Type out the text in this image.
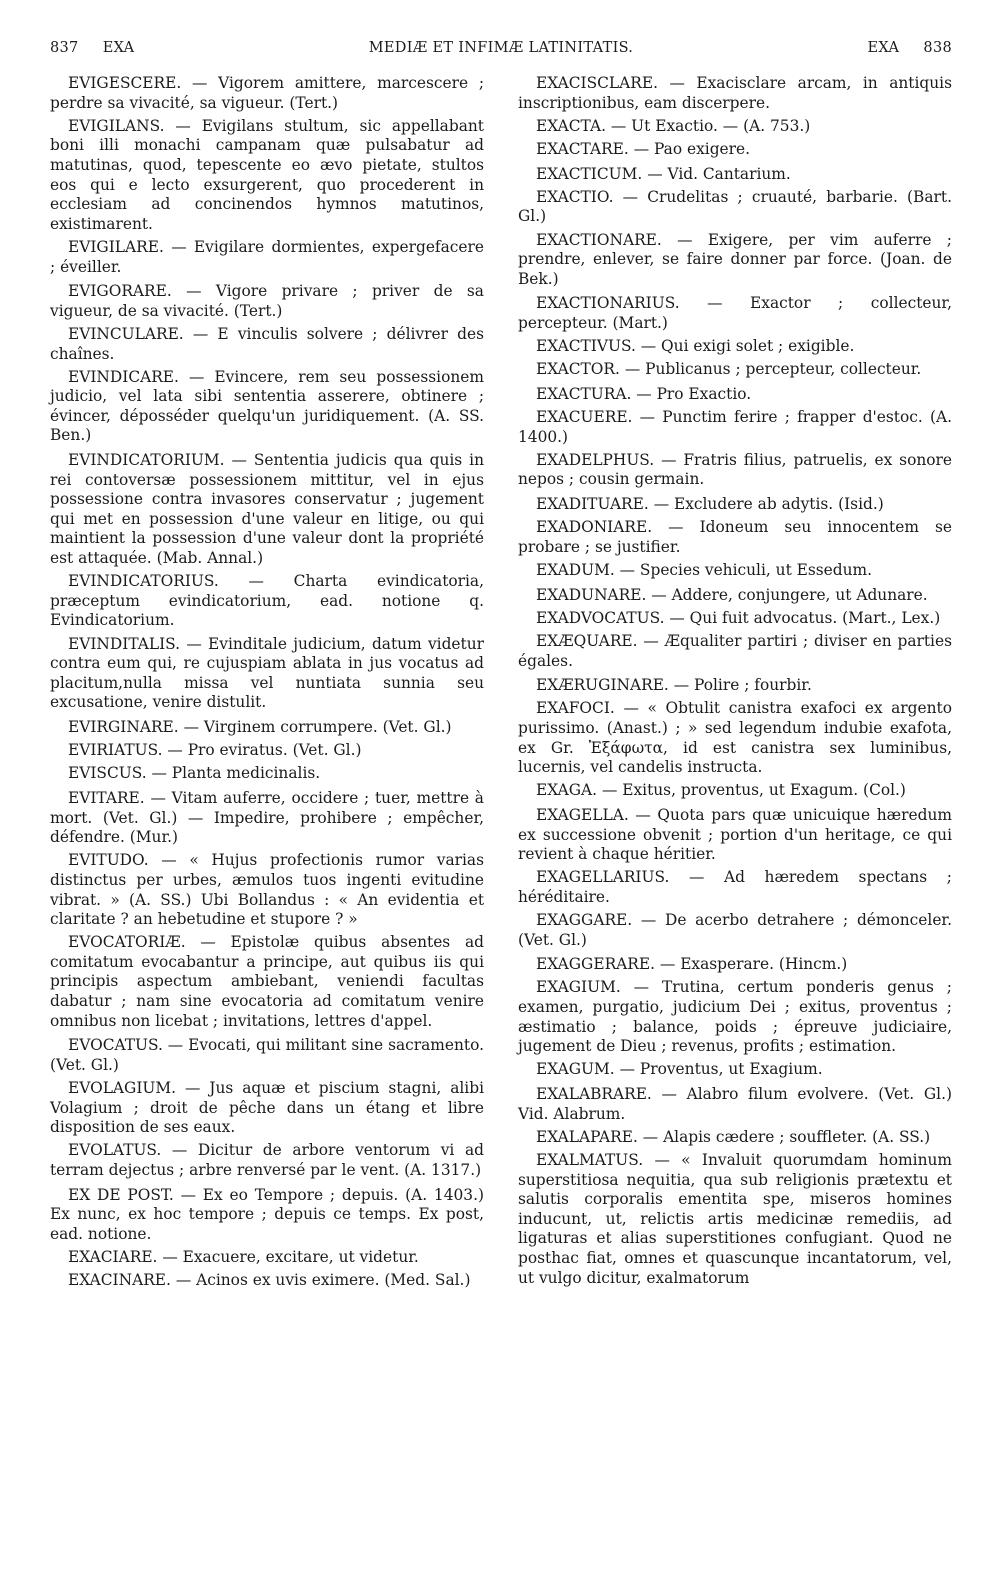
837	EXA	MEDIÆ ET INFIMÆ LATINITATIS.	EXA	838

EVIGESCERE. — Vigorem amittere, marcescere ; perdre sa vivacité, sa vigueur. (Tert.)

EVIGILANS. — Evigilans stultum, sic appellabant boni illi monachi campanam quæ pulsabatur ad matutinas, quod, tepescente eo ævo pietate, stultos eos qui e lecto exsurgerent, quo procederent in ecclesiam ad concinendos hymnos matutinos, existimarent.

EVIGILARE. — Evigilare dormientes, expergefacere ; éveiller.

EVIGORARE. — Vigore privare ; priver de sa vigueur, de sa vivacité. (Tert.)

EVINCULARE. — E vinculis solvere ; délivrer des chaînes.

EVINDICARE. — Evincere, rem seu possessionem judicio, vel lata sibi sententia asserere, obtinere ; évincer, déposséder quelqu'un juridiquement. (A. SS. Ben.)

EVINDICATORIUM. — Sententia judicis qua quis in rei contoversæ possessionem mittitur, vel in ejus possessione contra invasores conservatur ; jugement qui met en possession d'une valeur en litige, ou qui maintient la possession d'une valeur dont la propriété est attaquée. (Mab. Annal.)

EVINDICATORIUS. — Charta evindicatoria, præceptum evindicatorium, ead. notione q. Evindicatorium.

EVINDITALIS. — Evinditale judicium, datum videtur contra eum qui, re cujuspiam ablata in jus vocatus ad placitum,nulla missa vel nuntiata sunnia seu excusatione, venire distulit.

EVIRGINARE. — Virginem corrumpere. (Vet. Gl.)

EVIRIATUS. — Pro eviratus. (Vet. Gl.)

EVISCUS. — Planta medicinalis.

EVITARE. — Vitam auferre, occidere ; tuer, mettre à mort. (Vet. Gl.) — Impedire, prohibere ; empêcher, défendre. (Mur.)

EVITUDO. — « Hujus profectionis rumor varias distinctus per urbes, æmulos tuos ingenti evitudine vibrat. » (A. SS.) Ubi Bollandus : « An evidentia et claritate ? an hebetudine et stupore ? »

EVOCATORIÆ. — Epistolæ quibus absentes ad comitatum evocabantur a principe, aut quibus iis qui principis aspectum ambiebant, veniendi facultas dabatur ; nam sine evocatoria ad comitatum venire omnibus non licebat ; invitations, lettres d'appel.

EVOCATUS. — Evocati, qui militant sine sacramento. (Vet. Gl.)

EVOLAGIUM. — Jus aquæ et piscium stagni, alibi Volagium ; droit de pêche dans un étang et libre disposition de ses eaux.

EVOLATUS. — Dicitur de arbore ventorum vi ad terram dejectus ; arbre renversé par le vent. (A. 1317.)

EX DE POST. — Ex eo Tempore ; depuis. (A. 1403.) Ex nunc, ex hoc tempore ; depuis ce temps. Ex post, ead. notione.

EXACIARE. — Exacuere, excitare, ut videtur.

EXACINARE. — Acinos ex uvis eximere. (Med. Sal.)

EXACISCLARE. — Exacisclare arcam, in antiquis inscriptionibus, eam discerpere.

EXACTA. — Ut Exactio. — (A. 753.)

EXACTARE. — Pao exigere.

EXACTICUM. — Vid. Cantarium.

EXACTIO. — Crudelitas ; cruauté, barbarie. (Bart. Gl.)

EXACTIONARE. — Exigere, per vim auferre ; prendre, enlever, se faire donner par force. (Joan. de Bek.)

EXACTIONARIUS. — Exactor ; collecteur, percepteur. (Mart.)

EXACTIVUS. — Qui exigi solet ; exigible.

EXACTOR. — Publicanus ; percepteur, collecteur.

EXACTURA. — Pro Exactio.

EXACUERE. — Punctim ferire ; frapper d'estoc. (A. 1400.)

EXADELPHUS. — Fratris filius, patruelis, ex sonore nepos ; cousin germain.

EXADITUARE. — Excludere ab adytis. (Isid.)

EXADONIARE. — Idoneum seu innocentem se probare ; se justifier.

EXADUM. — Species vehiculi, ut Essedum.

EXADUNARE. — Addere, conjungere, ut Adunare.

EXADVOCATUS. — Qui fuit advocatus. (Mart., Lex.)

EXÆQUARE. — Æqualiter partiri ; diviser en parties égales.

EXÆRUGINARE. — Polire ; fourbir.

EXAFOCI. — « Obtulit canistra exafoci ex argento purissimo. (Anast.) ; » sed legendum indubie exafota, ex Gr. Ἐξάφωτα, id est canistra sex luminibus, lucernis, vel candelis instructa.

EXAGA. — Exitus, proventus, ut Exagum. (Col.)

EXAGELLA. — Quota pars quæ unicuique hæredum ex successione obvenit ; portion d'un heritage, ce qui revient à chaque héritier.

EXAGELLARIUS. — Ad hæredem spectans ; héréditaire.

EXAGGARE. — De acerbo detrahere ; démonceler. (Vet. Gl.)

EXAGGERARE. — Exasperare. (Hincm.)

EXAGIUM. — Trutina, certum ponderis genus ; examen, purgatio, judicium Dei ; exitus, proventus ; æstimatio ; balance, poids ; épreuve judiciaire, jugement de Dieu ; revenus, profits ; estimation.

EXAGUM. — Proventus, ut Exagium.

EXALABRARE. — Alabro filum evolvere. (Vet. Gl.) Vid. Alabrum.

EXALAPARE. — Alapis cædere ; souffleter. (A. SS.)

EXALMATUS. — « Invaluit quorumdam hominum superstitiosa nequitia, qua sub religionis prætextu et salutis corporalis ementita spe, miseros homines inducunt, ut, relictis artis medicinæ remediis, ad ligaturas et alias superstitiones confugiant. Quod ne posthac fiat, omnes et quascunque incantatorum, vel, ut vulgo dicitur, exalmatorum
